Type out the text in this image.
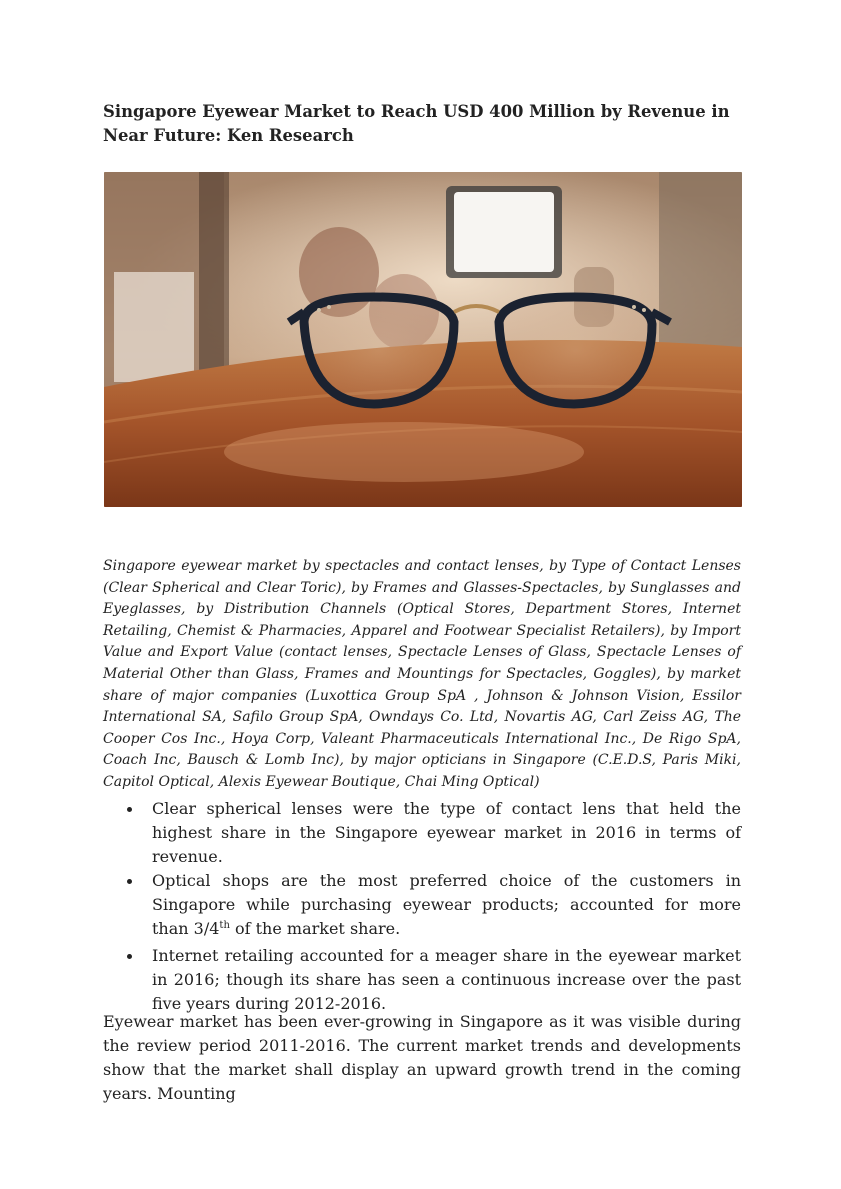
Singapore Eyewear Market to Reach USD 400 Million by Revenue in Near Future: Ken Research

Singapore eyewear market by spectacles and contact lenses, by Type of Contact Lenses (Clear Spherical and Clear Toric), by Frames and Glasses-Spectacles, by Sunglasses and Eyeglasses, by Distribution Channels (Optical Stores, Department Stores, Internet Retailing, Chemist & Pharmacies, Apparel and Footwear Specialist Retailers), by Import Value and Export Value (contact lenses, Spectacle Lenses of Glass, Spectacle Lenses of Material Other than Glass, Frames and Mountings for Spectacles, Goggles), by market share of major companies (Luxottica Group SpA , Johnson & Johnson Vision, Essilor International SA, Safilo Group SpA, Owndays Co. Ltd, Novartis AG, Carl Zeiss AG, The Cooper Cos Inc., Hoya Corp, Valeant Pharmaceuticals International Inc., De Rigo SpA, Coach Inc, Bausch & Lomb Inc), by major opticians in Singapore (C.E.D.S, Paris Miki, Capitol Optical, Alexis Eyewear Boutique, Chai Ming Optical)

Clear spherical lenses were the type of contact lens that held the highest share in the Singapore eyewear market in 2016 in terms of revenue.
Optical shops are the most preferred choice of the customers in Singapore while purchasing eyewear products; accounted for more than 3/4th of the market share.
Internet retailing accounted for a meager share in the eyewear market in 2016; though its share has seen a continuous increase over the past five years during 2012-2016.

Eyewear market has been ever-growing in Singapore as it was visible during the review period 2011-2016. The current market trends and developments show that the market shall display an upward growth trend in the coming years. Mounting
